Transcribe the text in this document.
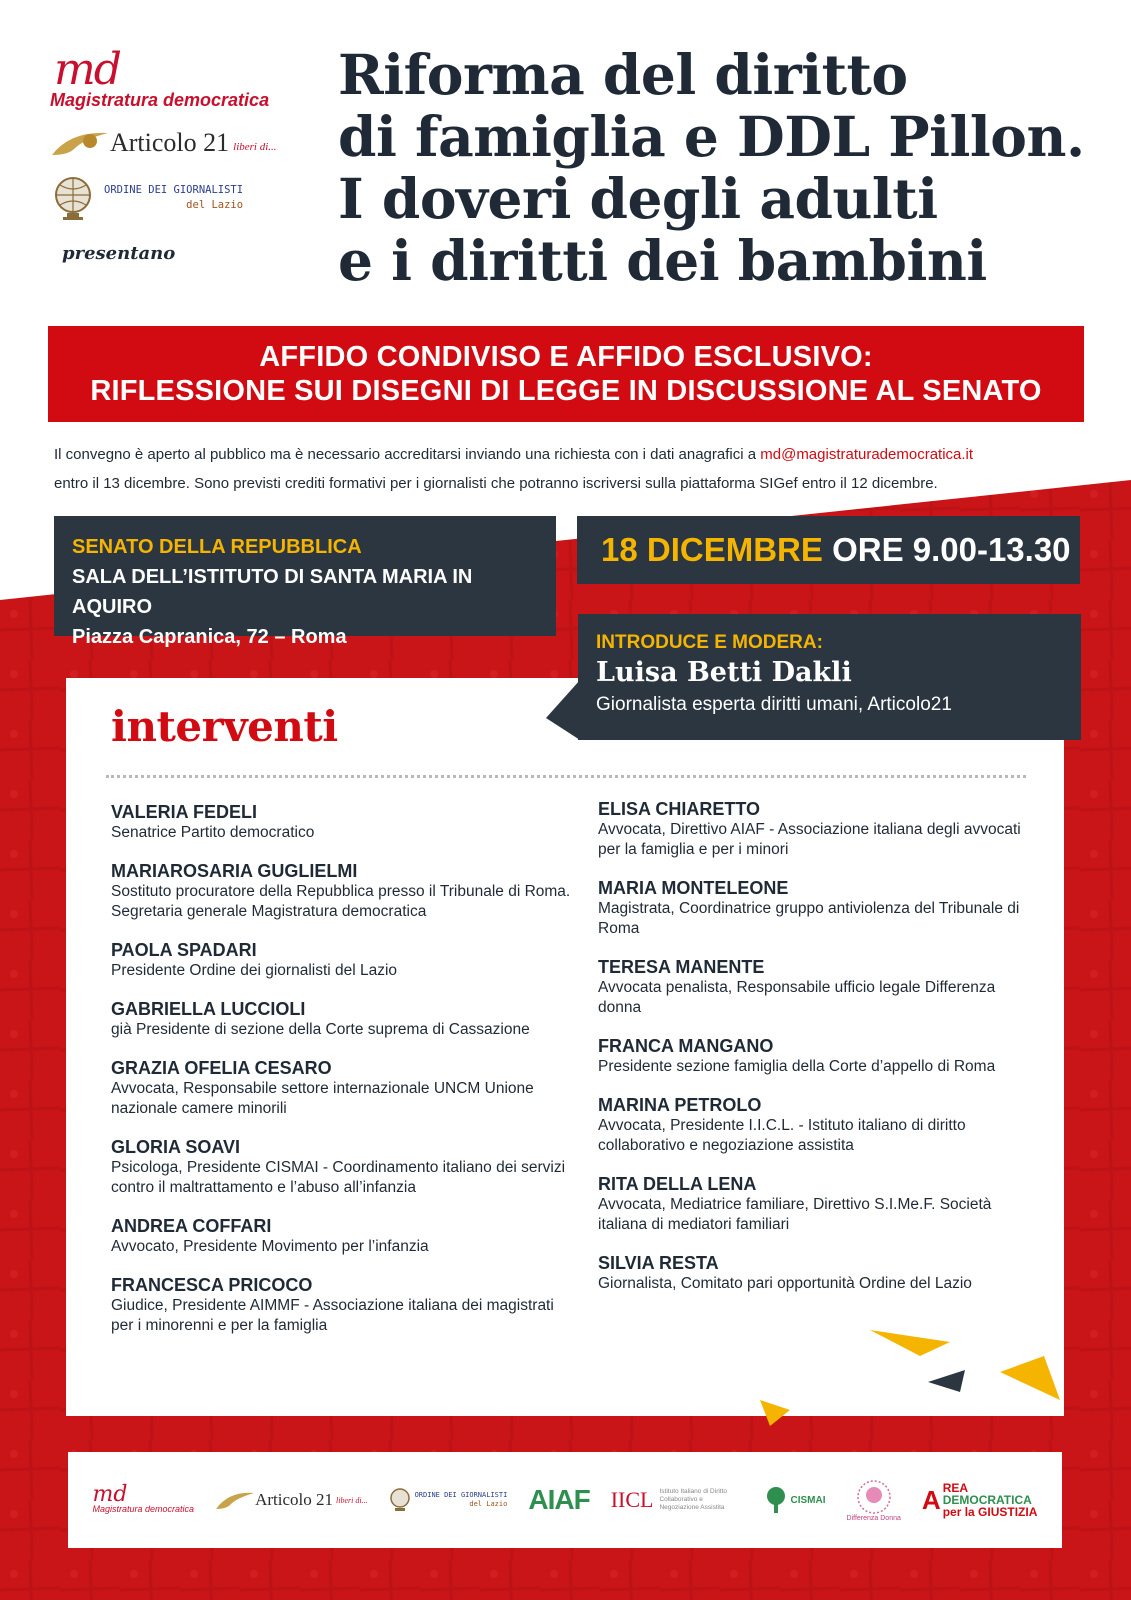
md
Magistratura democratica
Articolo 21 liberi di...
ORDINE DEI GIORNALISTI
del Lazio
presentano
Riforma del diritto
di famiglia e DDL Pillon.
I doveri degli adulti
e i diritti dei bambini
AFFIDO CONDIVISO E AFFIDO ESCLUSIVO:
RIFLESSIONE SUI DISEGNI DI LEGGE IN DISCUSSIONE AL SENATO

Il convegno è aperto al pubblico ma è necessario accreditarsi inviando una richiesta con i dati anagrafici a md@magistraturademocratica.it
entro il 13 dicembre. Sono previsti crediti formativi per i giornalisti che potranno iscriversi sulla piattaforma SIGef entro il 12 dicembre.

SENATO DELLA REPUBBLICA
SALA DELL’ISTITUTO DI SANTA MARIA IN AQUIRO
Piazza Capranica, 72 – Roma
18 DICEMBRE ORE 9.00-13.30
INTRODUCE E MODERA:
Luisa Betti Dakli
Giornalista esperta diritti umani, Articolo21
interventi
VALERIA FEDELI
Senatrice Partito democratico
MARIAROSARIA GUGLIELMI
Sostituto procuratore della Repubblica presso il Tribunale di Roma. Segretaria generale Magistratura democratica
PAOLA SPADARI
Presidente Ordine dei giornalisti del Lazio
GABRIELLA LUCCIOLI
già Presidente di sezione della Corte suprema di Cassazione
GRAZIA OFELIA CESARO
Avvocata, Responsabile settore internazionale UNCM Unione nazionale camere minorili
GLORIA SOAVI
Psicologa, Presidente CISMAI - Coordinamento italiano dei servizi contro il maltrattamento e l’abuso all’infanzia
ANDREA COFFARI
Avvocato, Presidente Movimento per l’infanzia
FRANCESCA PRICOCO
Giudice, Presidente AIMMF - Associazione italiana dei magistrati per i minorenni e per la famiglia
ELISA CHIARETTO
Avvocata, Direttivo AIAF - Associazione italiana degli avvocati per la famiglia e per i minori
MARIA MONTELEONE
Magistrata, Coordinatrice gruppo antiviolenza del Tribunale di Roma
TERESA MANENTE
Avvocata penalista, Responsabile ufficio legale Differenza donna
FRANCA MANGANO
Presidente sezione famiglia della Corte d’appello di Roma
MARINA PETROLO
Avvocata, Presidente I.I.C.L. - Istituto italiano di diritto collaborativo e negoziazione assistita
RITA DELLA LENA
Avvocata, Mediatrice familiare, Direttivo S.I.Me.F. Società italiana di mediatori familiari
SILVIA RESTA
Giornalista, Comitato pari opportunità Ordine del Lazio
md
Magistratura democratica	Articolo 21 liberi di...
ORDINE DEI GIORNALISTI
del Lazio AIAF IICL Istituto Italiano di Diritto Collaborativo e Negoziazione Assistita
CISMAI
Differenza Donna
A REA
DEMOCRATICA
per la GIUSTIZIA
